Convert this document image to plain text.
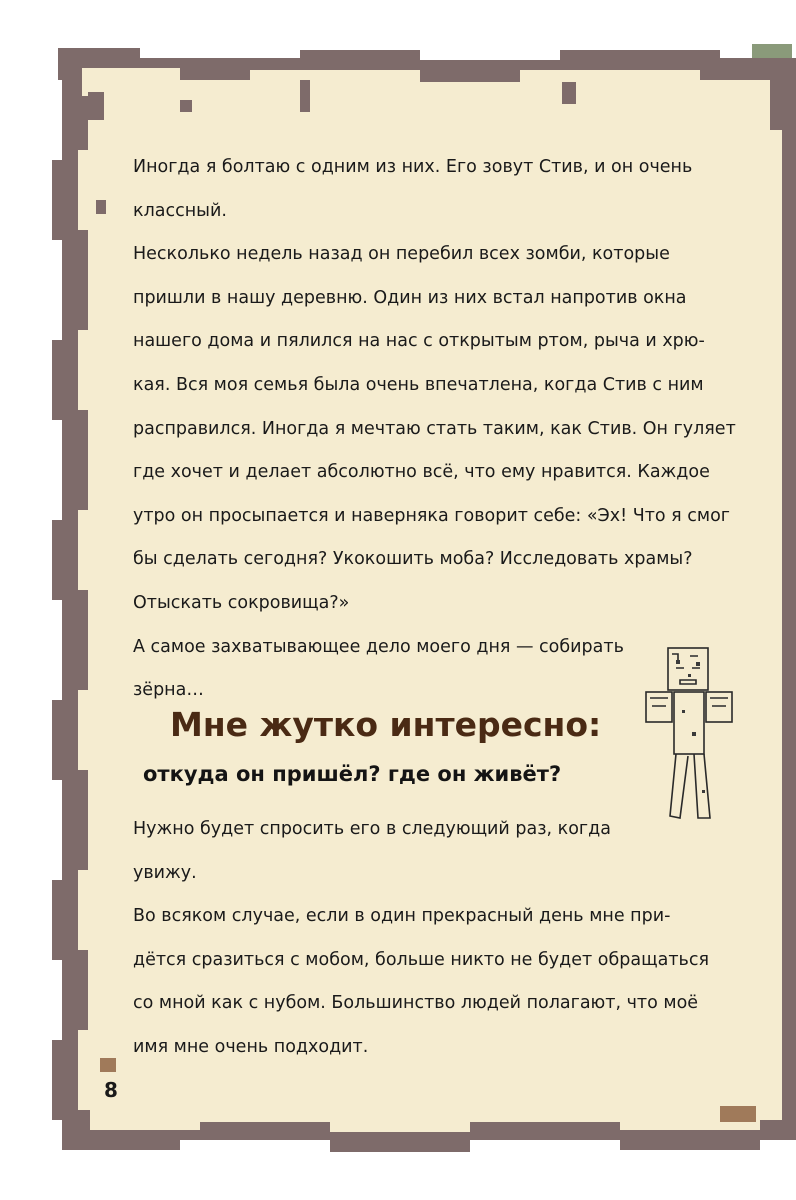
Иногда я болтаю с одним из них. Его зовут Стив, и он очень
классный.
Несколько недель назад он перебил всех зомби, которые
пришли в нашу деревню. Один из них встал напротив окна
нашего дома и пялился на нас с открытым ртом, рыча и хрю-
кая. Вся моя семья была очень впечатлена, когда Стив с ним
расправился. Иногда я мечтаю стать таким, как Стив. Он гуляет
где хочет и делает абсолютно всё, что ему нравится. Каждое
утро он просыпается и наверняка говорит себе: «Эх! Что я смог
бы сделать сегодня? Укокошить моба? Исследовать храмы?
Отыскать сокровища?»
А самое захватывающее дело моего дня — собирать
зёрна…
Мне жутко интересно:
откуда он пришёл? где он живёт?
Нужно будет спросить его в следующий раз, когда
увижу.
Во всяком случае, если в один прекрасный день мне при-
дётся сразиться с мобом, больше никто не будет обращаться
со мной как с нубом. Большинство людей полагают, что моё
имя мне очень подходит.
8
